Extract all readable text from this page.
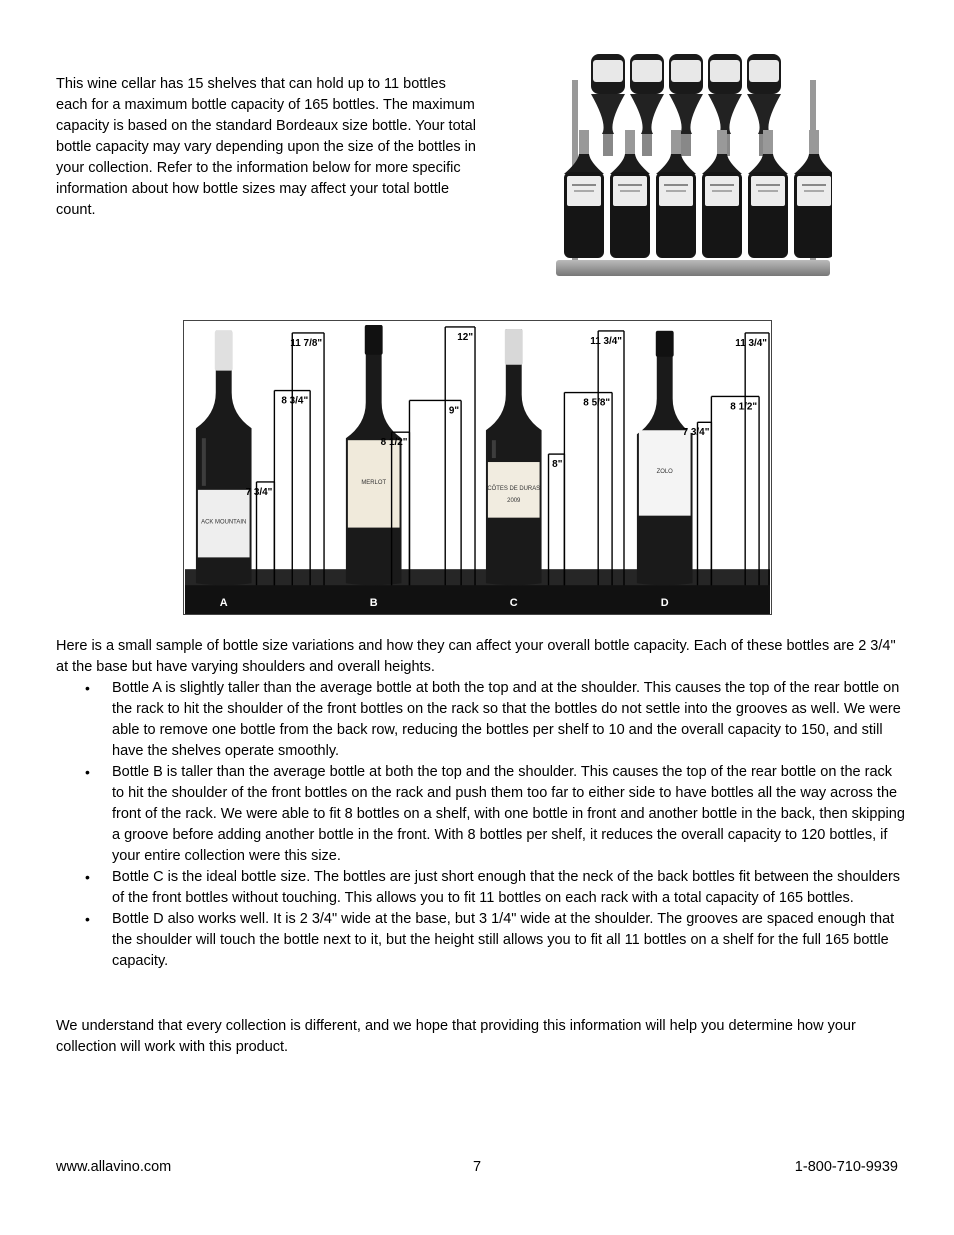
This wine cellar has 15 shelves that can hold up to 11 bottles each for a maximum bottle capacity of 165 bottles. The maximum capacity is based on the standard Bordeaux size bottle. Your total bottle capacity may vary depending upon the size of the bottles in your collection. Refer to the information below for more specific information about how bottle sizes may affect your total bottle count.

ACK MOUNTAIN
11 7/8"
8 3/4"
7 3/4"
A
MERLOT
12"
9"
8 1/2"
B
CÔTES DE DURAS
2009
11 3/4"
8 5/8"
8"
C
ZOLO
11 3/4"
8 1/2"
7 3/4"
D

Here is a small sample of bottle size variations and how they can affect your overall bottle capacity. Each of these bottles are 2 3/4" at the base but have varying shoulders and overall heights.

• Bottle A is slightly taller than the average bottle at both the top and at the shoulder. This causes the top of the rear bottle on the rack to hit the shoulder of the front bottles on the rack so that the bottles do not settle into the grooves as well. We were able to remove one bottle from the back row, reducing the bottles per shelf to 10 and the overall capacity to 150, and still have the shelves operate smoothly.
• Bottle B is taller than the average bottle at both the top and the shoulder. This causes the top of the rear bottle on the rack to hit the shoulder of the front bottles on the rack and push them too far to either side to have bottles all the way across the front of the rack. We were able to fit 8 bottles on a shelf, with one bottle in front and another bottle in the back, then skipping a groove before adding another bottle in the front. With 8 bottles per shelf, it reduces the overall capacity to 120 bottles, if your entire collection were this size.
• Bottle C is the ideal bottle size. The bottles are just short enough that the neck of the back bottles fit between the shoulders of the front bottles without touching. This allows you to fit 11 bottles on each rack with a total capacity of 165 bottles.
• Bottle D also works well. It is 2 3/4" wide at the base, but 3 1/4" wide at the shoulder. The grooves are spaced enough that the shoulder will touch the bottle next to it, but the height still allows you to fit all 11 bottles on a shelf for the full 165 bottle capacity.

We understand that every collection is different, and we hope that providing this information will help you determine how your collection will work with this product.

www.allavino.com	7	1-800-710-9939
